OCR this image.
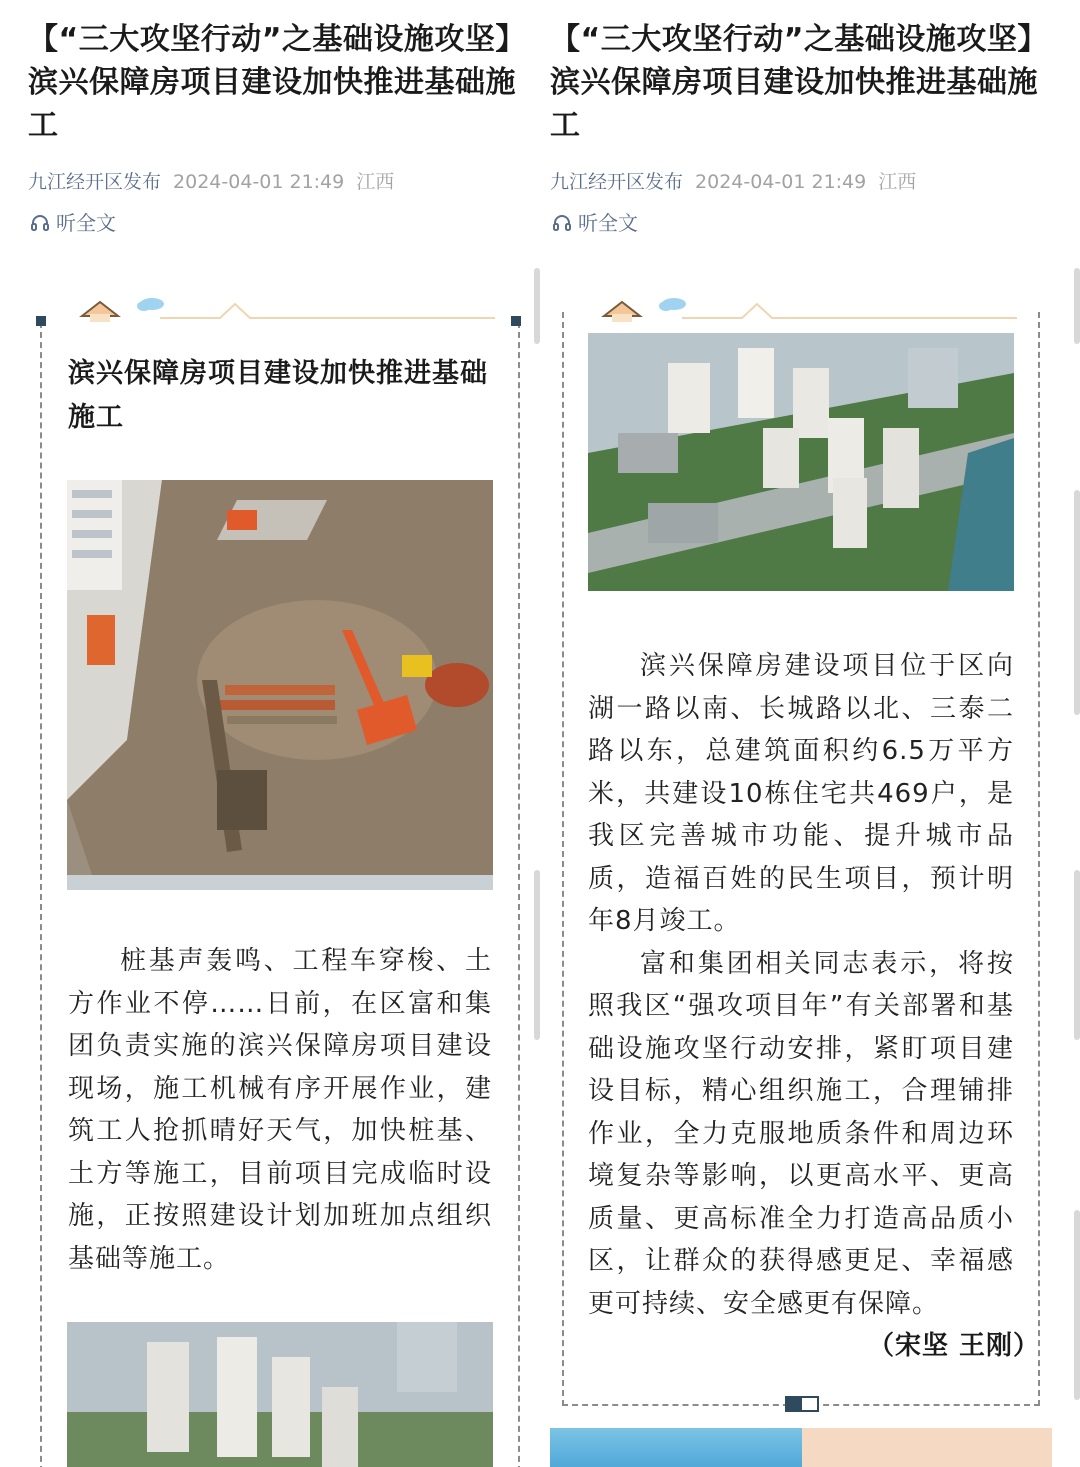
【“三大攻坚行动”之基础设施攻坚】滨兴保障房项目建设加快推进基础施工
九江经开区发布 2024-04-01 21:49 江西
听全文
滨兴保障房项目建设加快推进基础施工

桩基声轰鸣、工程车穿梭、土方作业不停……日前，在区富和集团负责实施的滨兴保障房项目建设现场，施工机械有序开展作业，建筑工人抢抓晴好天气，加快桩基、土方等施工，目前项目完成临时设施，正按照建设计划加班加点组织基础等施工。

【“三大攻坚行动”之基础设施攻坚】滨兴保障房项目建设加快推进基础施工
九江经开区发布 2024-04-01 21:49 江西
听全文

滨兴保障房建设项目位于区向湖一路以南、长城路以北、三泰二路以东，总建筑面积约6.5万平方米，共建设10栋住宅共469户，是我区完善城市功能、提升城市品质，造福百姓的民生项目，预计明年8月竣工。

富和集团相关同志表示，将按照我区“强攻项目年”有关部署和基础设施攻坚行动安排，紧盯项目建设目标，精心组织施工，合理铺排作业，全力克服地质条件和周边环境复杂等影响，以更高水平、更高质量、更高标准全力打造高品质小区，让群众的获得感更足、幸福感更可持续、安全感更有保障。

（宋坚 王刚）
